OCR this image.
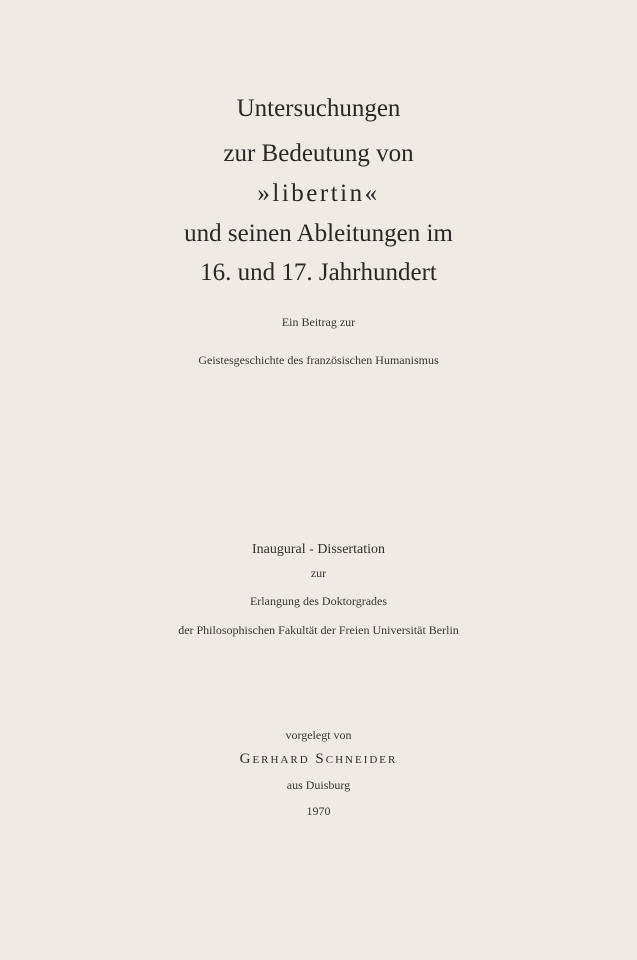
Untersuchungen
zur Bedeutung von
»libertin«
und seinen Ableitungen im
16. und 17. Jahrhundert
Ein Beitrag zur
Geistesgeschichte des französischen Humanismus
Inaugural - Dissertation
zur
Erlangung des Doktorgrades
der Philosophischen Fakultät der Freien Universität Berlin
vorgelegt von
Gerhard Schneider
aus Duisburg
1970
